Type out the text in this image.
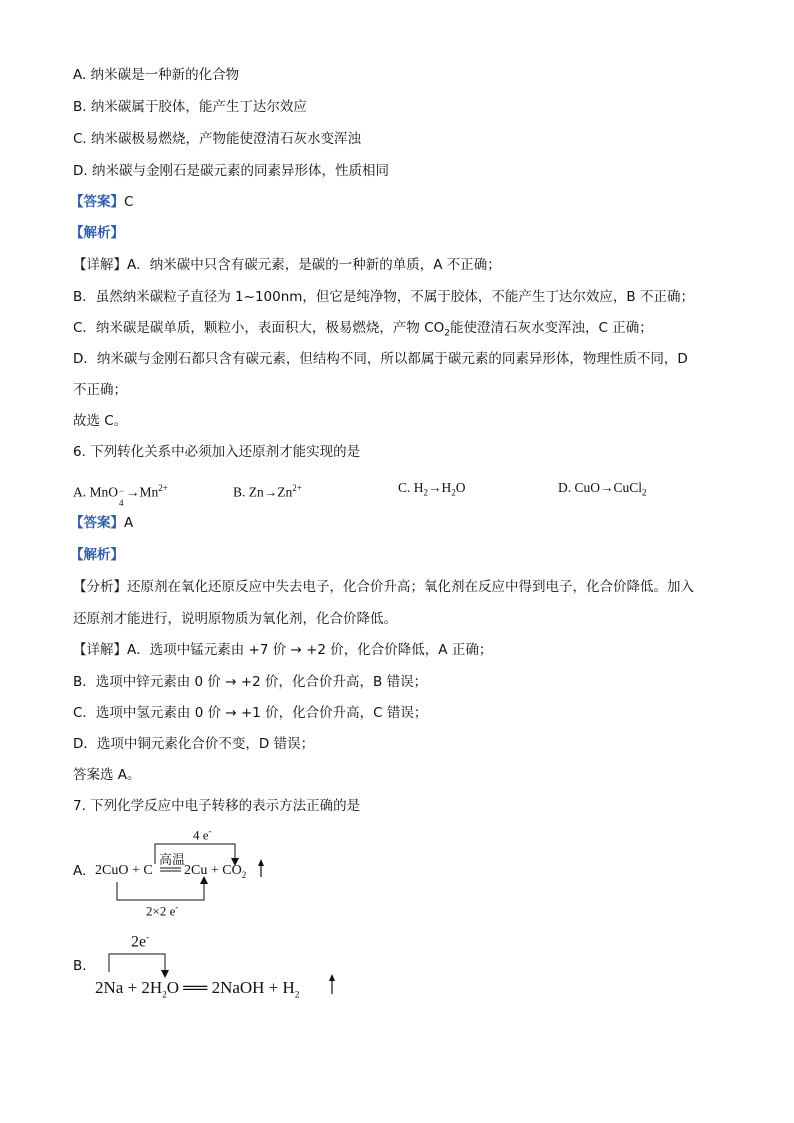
A. 纳米碳是一种新的化合物
B. 纳米碳属于胶体，能产生丁达尔效应
C. 纳米碳极易燃烧，产物能使澄清石灰水变浑浊
D. 纳米碳与金刚石是碳元素的同素异形体，性质相同
【答案】C
【解析】
【详解】A．纳米碳中只含有碳元素，是碳的一种新的单质，A 不正确；
B．虽然纳米碳粒子直径为 1~100nm，但它是纯净物，不属于胶体，不能产生丁达尔效应，B 不正确；
C．纳米碳是碳单质，颗粒小，表面积大，极易燃烧，产物 $CO_2$能使澄清石灰水变浑浊，C 正确；
D．纳米碳与金刚石都只含有碳元素，但结构不同，所以都属于碳元素的同素异形体，物理性质不同，D
不正确；
故选 C。
6. 下列转化关系中必须加入还原剂才能实现的是
A. MnO −
4
$\to Mn^{2+}$	B. $Zn\to Zn^{2+}$	C. $H_2\to H_2O$	D. CuO→CuCl$_2$
【答案】A
【解析】
【分析】还原剂在氧化还原反应中失去电子，化合价升高；氧化剂在反应中得到电子，化合价降低。加入
还原剂才能进行，说明原物质为氧化剂，化合价降低。
【详解】A．选项中锰元素由 +7 价 → +2 价，化合价降低，A 正确；
B．选项中锌元素由 0 价 → +2 价，化合价升高，B 错误；
C．选项中氢元素由 0 价 → +1 价，化合价升高，C 错误；
D．选项中铜元素化合价不变，D 错误；
答案选 A。
7. 下列化学反应中电子转移的表示方法正确的是
A.
4 e-
高温
2CuO + C $2Cu + CO_2$
2×2 e-
B.
2e-
$2Na + 2H_2O$ ══ 2NaOH + $H_2$
